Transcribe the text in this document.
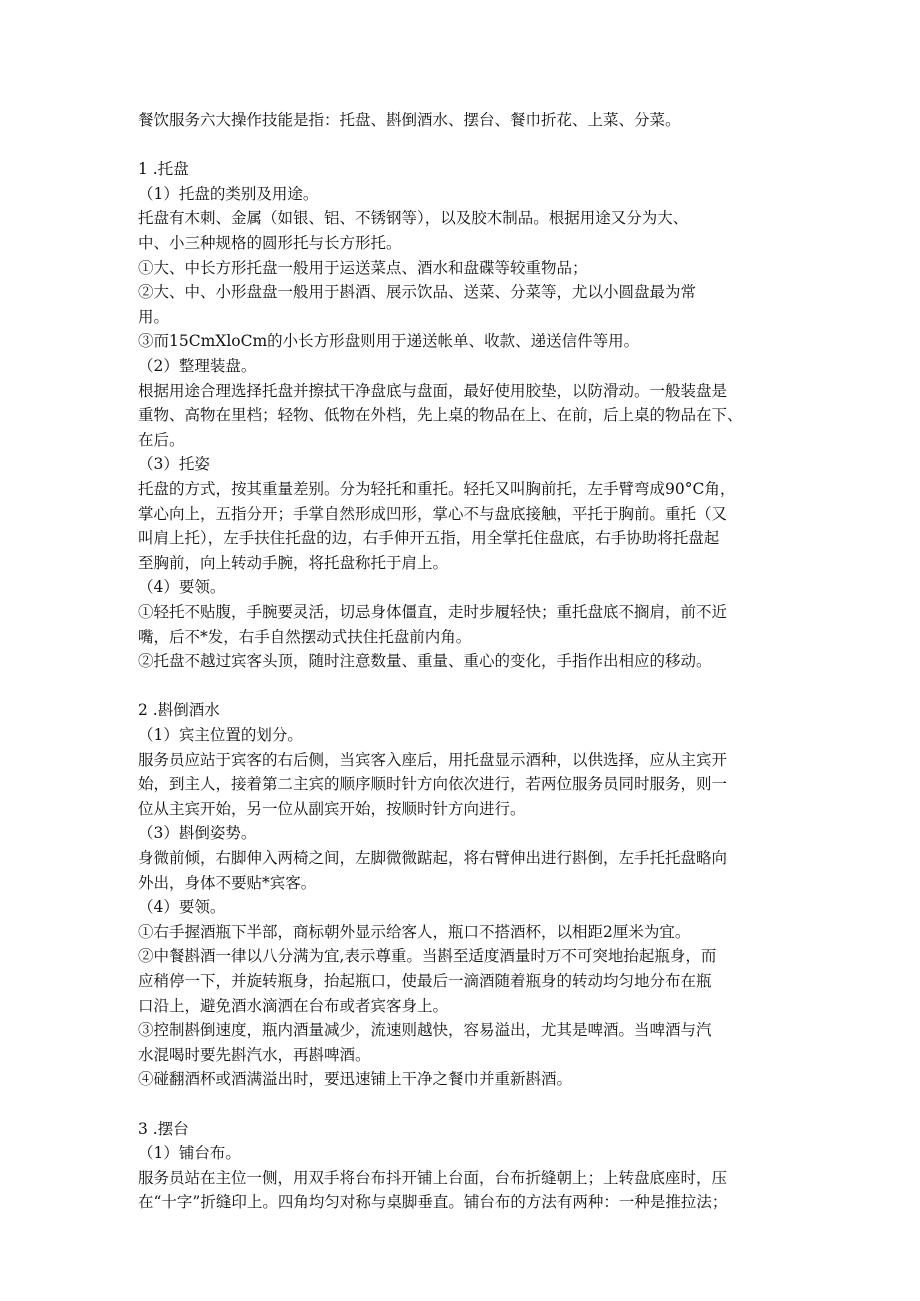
餐饮服务六大操作技能是指：托盘、斟倒酒水、摆台、餐巾折花、上菜、分菜。
1 .托盘
（1）托盘的类别及用途。
托盘有木刺、金属（如银、铝、不锈钢等），以及胶木制品。根据用途又分为大、
中、小三种规格的圆形托与长方形托。
①大、中长方形托盘一般用于运送菜点、酒水和盘碟等较重物品；
②大、中、小形盘盘一般用于斟酒、展示饮品、送菜、分菜等，尤以小圆盘最为常
用。
③而15CmXloCm的小长方形盘则用于递送帐单、收款、递送信件等用。
（2）整理装盘。
根据用途合理选择托盘并擦拭干净盘底与盘面，最好使用胶垫，以防滑动。一般装盘是
重物、高物在里档；轻物、低物在外档，先上桌的物品在上、在前，后上桌的物品在下、
在后。
（3）托姿
托盘的方式，按其重量差别。分为轻托和重托。轻托又叫胸前托，左手臂弯成90°C角，
掌心向上，五指分开；手掌自然形成凹形，掌心不与盘底接触，平托于胸前。重托（又
叫肩上托），左手扶住托盘的边，右手伸开五指，用全掌托住盘底，右手协助将托盘起
至胸前，向上转动手腕，将托盘称托于肩上。
（4）要领。
①轻托不贴腹，手腕要灵活，切忌身体僵直，走时步履轻快；重托盘底不搁肩，前不近
嘴，后不*发，右手自然摆动式扶住托盘前内角。
②托盘不越过宾客头顶，随时注意数量、重量、重心的变化，手指作出相应的移动。
2 .斟倒酒水
（1）宾主位置的划分。
服务员应站于宾客的右后侧，当宾客入座后，用托盘显示酒种，以供选择，应从主宾开
始，到主人，接着第二主宾的顺序顺时针方向依次进行，若两位服务员同时服务，则一
位从主宾开始，另一位从副宾开始，按顺时针方向进行。
（3）斟倒姿势。
身微前倾，右脚伸入两椅之间，左脚微微踮起，将右臂伸出进行斟倒，左手托托盘略向
外出，身体不要贴*宾客。
（4）要领。
①右手握酒瓶下半部，商标朝外显示给客人，瓶口不搭酒杯，以相距2厘米为宜。
②中餐斟酒一律以八分满为宜,表示尊重。当斟至适度酒量时万不可突地抬起瓶身，而
应稍停一下，并旋转瓶身，抬起瓶口，使最后一滴酒随着瓶身的转动均匀地分布在瓶
口沿上，避免酒水滴洒在台布或者宾客身上。
③控制斟倒速度，瓶内酒量减少，流速则越快，容易溢出，尤其是啤酒。当啤酒与汽
水混喝时要先斟汽水，再斟啤酒。
④碰翻酒杯或酒满溢出时，要迅速铺上干净之餐巾并重新斟酒。
3 .摆台
（1）铺台布。
服务员站在主位一侧，用双手将台布抖开铺上台面，台布折缝朝上；上转盘底座时，压
在“十字”折缝印上。四角均匀对称与桌脚垂直。铺台布的方法有两种：一种是推拉法；
